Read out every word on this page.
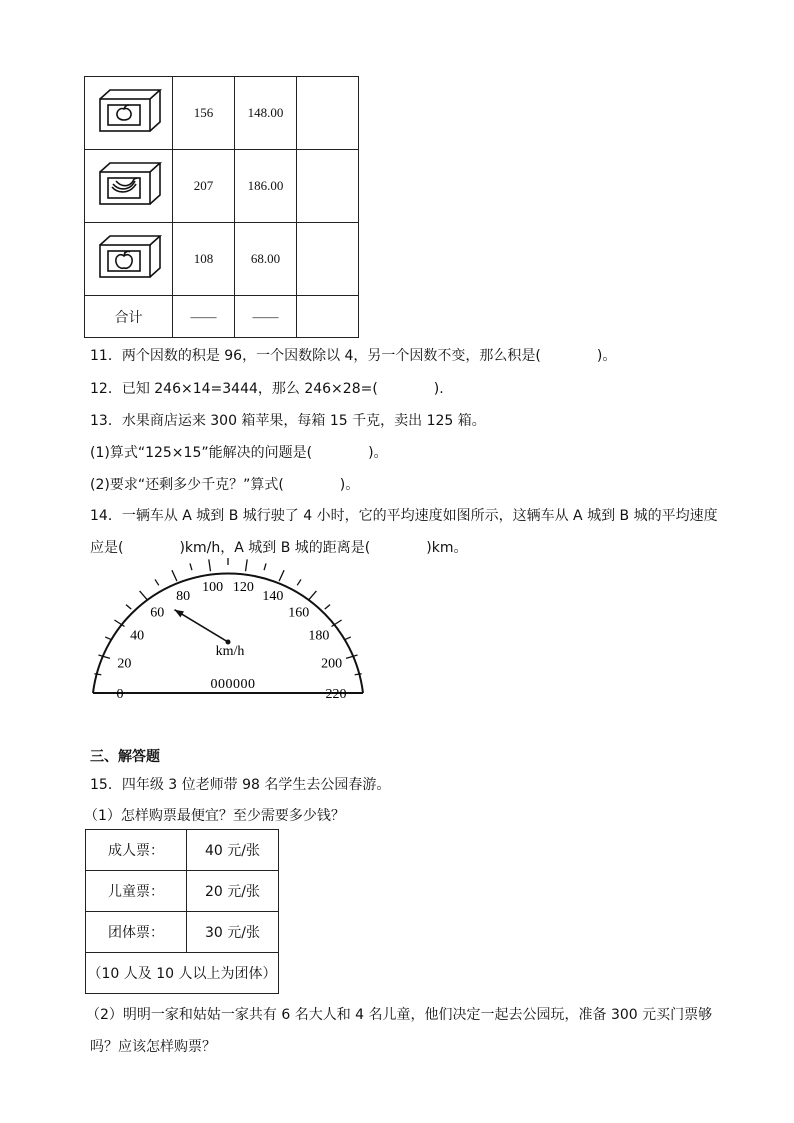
	156	148.00	
	207	186.00	
	108	68.00	
合计	——	——	
11．两个因数的积是 96，一个因数除以 4，另一个因数不变，那么积是(　　　　)。
12．已知 246×14=3444，那么 246×28=(　　　　).
13．水果商店运来 300 箱苹果，每箱 15 千克，卖出 125 箱。
(1)算式“125×15”能解决的问题是(　　　　)。
(2)要求“还剩多少千克？”算式(　　　　)。
14．一辆车从 A 城到 B 城行驶了 4 小时，它的平均速度如图所示，这辆车从 A 城到 B 城的平均速度
应是(　　　　)km/h，A 城到 B 城的距离是(　　　　)km。
0
20
40
60
80
100 120
140
160
180
200
220
km/h
000000
三、解答题
15．四年级 3 位老师带 98 名学生去公园春游。
（1）怎样购票最便宜？至少需要多少钱？
成人票：	40 元/张
儿童票：	20 元/张
团体票：	30 元/张
（10 人及 10 人以上为团体）	
（2）明明一家和姑姑一家共有 6 名大人和 4 名儿童，他们决定一起去公园玩，准备 300 元买门票够
吗？应该怎样购票？
